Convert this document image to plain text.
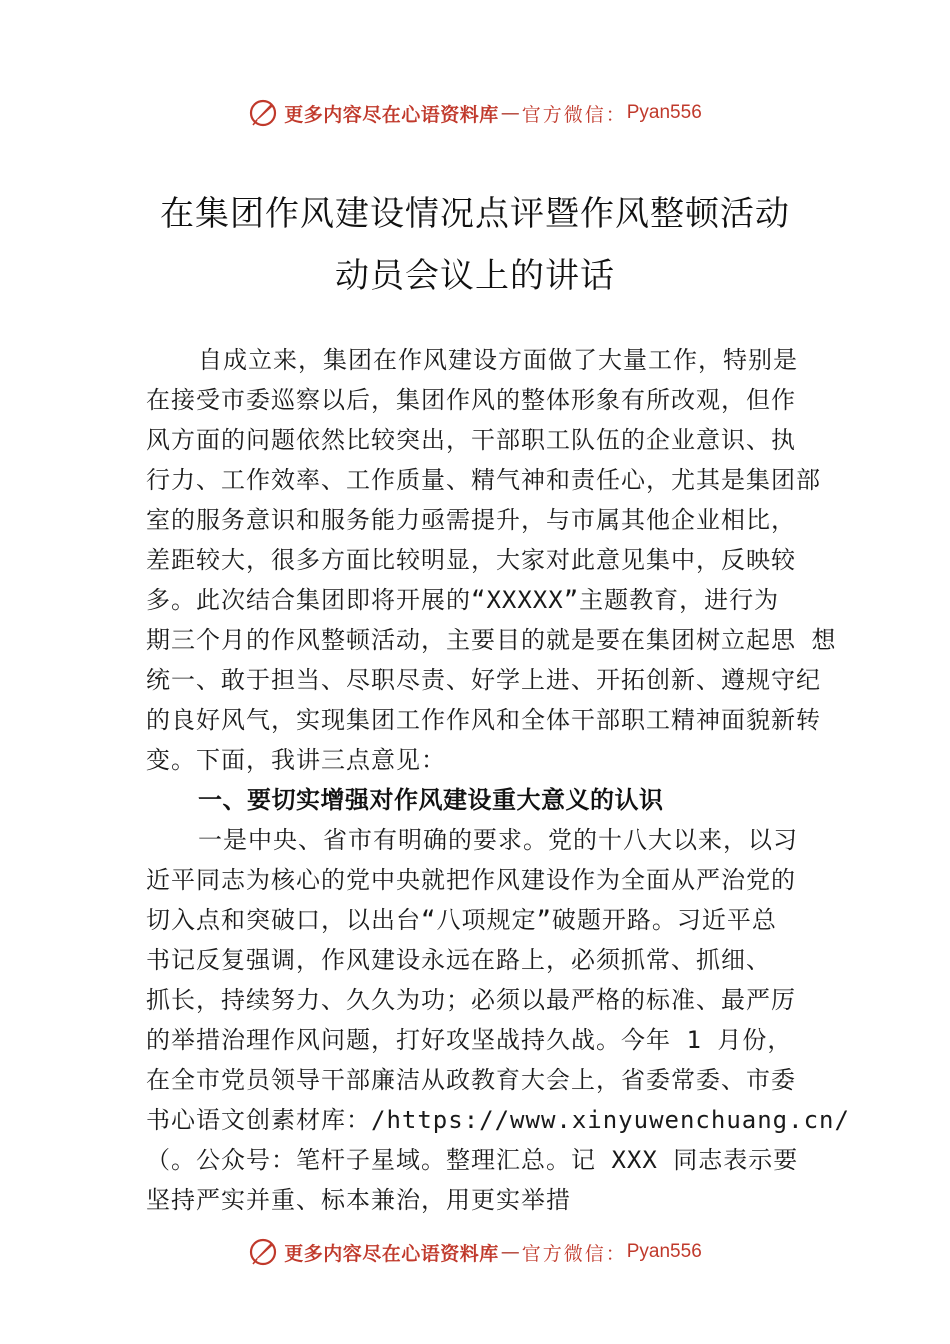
更多内容尽在心语资料库 — 官方微信： Pyan556
在集团作风建设情况点评暨作风整顿活动
动员会议上的讲话
自成立来，集团在作风建设方面做了大量工作，特别是
在接受市委巡察以后，集团作风的整体形象有所改观，但作
风方面的问题依然比较突出，干部职工队伍的企业意识、执
行力、工作效率、工作质量、精气神和责任心，尤其是集团部
室的服务意识和服务能力亟需提升，与市属其他企业相比，
差距较大，很多方面比较明显，大家对此意见集中，反映较
多。此次结合集团即将开展的“XXXXX”主题教育，进行为
期三个月的作风整顿活动，主要目的就是要在集团树立起思 想
统一、敢于担当、尽职尽责、好学上进、开拓创新、遵规守纪
的良好风气，实现集团工作作风和全体干部职工精神面貌新转
变。下面，我讲三点意见：
一、要切实增强对作风建设重大意义的认识
一是中央、省市有明确的要求。党的十八大以来，以习
近平同志为核心的党中央就把作风建设作为全面从严治党的
切入点和突破口，以出台“八项规定”破题开路。习近平总
书记反复强调，作风建设永远在路上，必须抓常、抓细、
抓长，持续努力、久久为功；必须以最严格的标准、最严厉
的举措治理作风问题，打好攻坚战持久战。今年 1 月份，
在全市党员领导干部廉洁从政教育大会上，省委常委、市委
书心语文创素材库：/https://www.xinyuwenchuang.cn/
（。公众号：笔杆子星域。整理汇总。记 XXX 同志表示要
坚持严实并重、标本兼治，用更实举措
更多内容尽在心语资料库 — 官方微信： Pyan556
